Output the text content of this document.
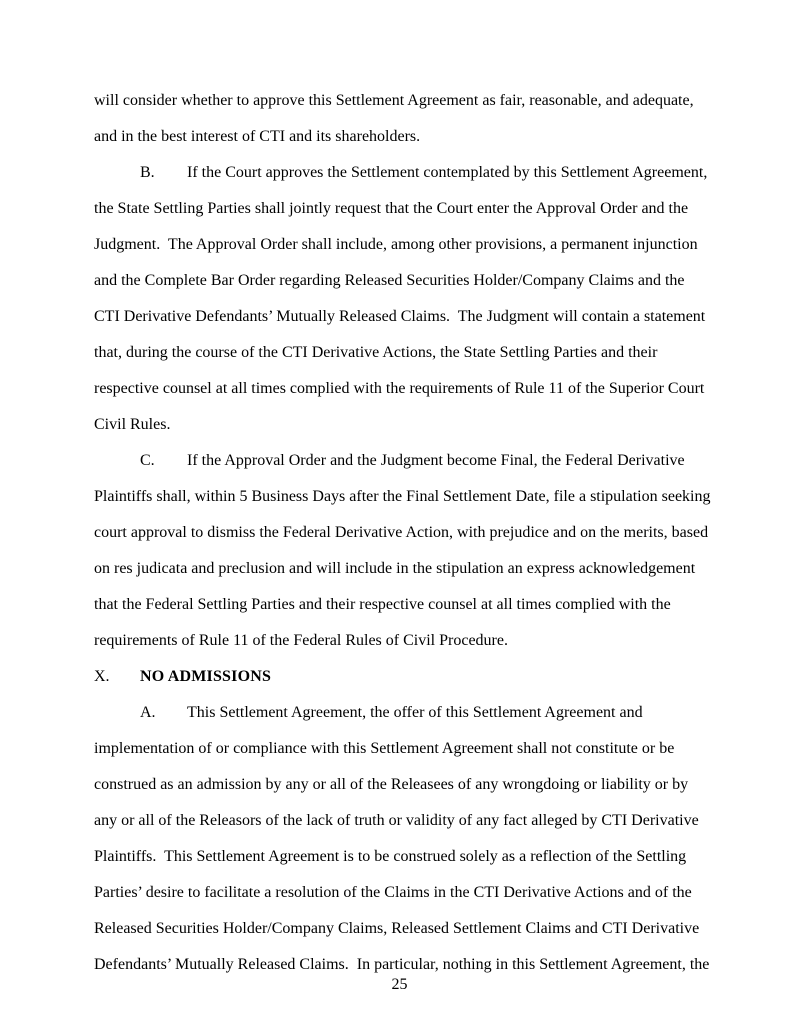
will consider whether to approve this Settlement Agreement as fair, reasonable, and adequate, and in the best interest of CTI and its shareholders.

B. If the Court approves the Settlement contemplated by this Settlement Agreement, the State Settling Parties shall jointly request that the Court enter the Approval Order and the Judgment.  The Approval Order shall include, among other provisions, a permanent injunction and the Complete Bar Order regarding Released Securities Holder/Company Claims and the CTI Derivative Defendants’ Mutually Released Claims.  The Judgment will contain a statement that, during the course of the CTI Derivative Actions, the State Settling Parties and their respective counsel at all times complied with the requirements of Rule 11 of the Superior Court Civil Rules.

C. If the Approval Order and the Judgment become Final, the Federal Derivative Plaintiffs shall, within 5 Business Days after the Final Settlement Date, file a stipulation seeking court approval to dismiss the Federal Derivative Action, with prejudice and on the merits, based on res judicata and preclusion and will include in the stipulation an express acknowledgement that the Federal Settling Parties and their respective counsel at all times complied with the requirements of Rule 11 of the Federal Rules of Civil Procedure.

X. NO ADMISSIONS

A. This Settlement Agreement, the offer of this Settlement Agreement and implementation of or compliance with this Settlement Agreement shall not constitute or be construed as an admission by any or all of the Releasees of any wrongdoing or liability or by any or all of the Releasors of the lack of truth or validity of any fact alleged by CTI Derivative Plaintiffs.  This Settlement Agreement is to be construed solely as a reflection of the Settling Parties’ desire to facilitate a resolution of the Claims in the CTI Derivative Actions and of the Released Securities Holder/Company Claims, Released Settlement Claims and CTI Derivative Defendants’ Mutually Released Claims.  In particular, nothing in this Settlement Agreement, the

25
